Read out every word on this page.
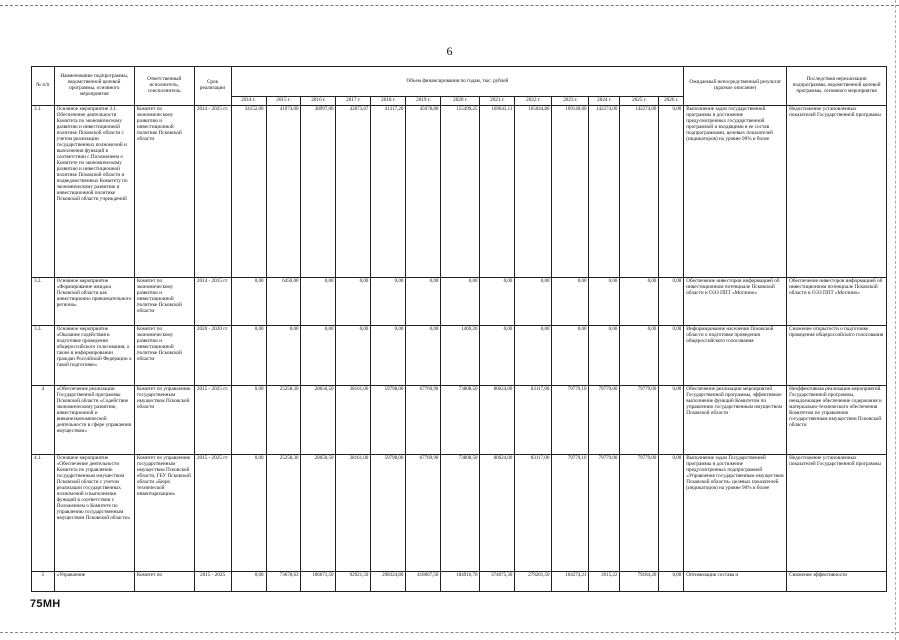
6
№ п/п	Наименование подпрограммы, ведомственной целевой программы, основного мероприятия	Ответственный исполнитель, соисполнитель	Срок реализации	Объем финансирования по годам, тыс. рублей													Ожидаемый непосредственный результат (краткое описание)	Последствия нереализации подпрограммы, ведомственной целевой программы, основного мероприятия
				2014 г.	2015 г.	2016 г.	2017 г.	2018 г.	2019 г.	2020 г.	2021 г.	2022 г.	2023 г.	2024 г.	2025 г.	2026 г.		
3.1.	Основное мероприятие 3.1. Обеспечение деятельности Комитета по экономическому развитию и инвестиционной политике Псковской области с учетом реализации государственных полномочий и выполнения функций в соответствии с Положением о Комитете по экономическому развитию и инвестиционной политике Псковской области и подведомственных Комитету по экономическому развитию и инвестиционной политике Псковской области учреждений	Комитет по экономическому развитию и инвестиционной политике Псковской области	2014 - 2025 гг.	34152,00	41074,00	38997,00	42873,67	41317,20	45078,80	155499,25	169643,11	165044,80	169140,00	142274,00	142274,00	0,00	Выполнение задач государственной программы и достижение предусмотренных государственной программой и входящими в ее состав подпрограммами, целевых показателей (индикаторов) на уровне 90% и более	Недостижение установленных показателей Государственной программы
3.2.	Основное мероприятие «Формирование имиджа Псковской области как инвестиционно привлекательного региона»	Комитет по экономическому развитию и инвестиционной политике Псковской области	2014 - 2015 гг.	0,00	6450,00	0,00	0,00	0,00	0,00	0,00	0,00	0,00	0,00	0,00	0,00	0,00	Обеспечение инвесторов информацией об инвестиционном потенциале Псковской области и ОЭЗ ППТ «Моглино»	Обеспечение инвесторов информацией об инвестиционном потенциале Псковской области и ОЭЗ ППТ «Моглино»
3.3.	Основное мероприятие «Оказание содействия в подготовке проведения общероссийского голосования, а также в информировании граждан Российской Федерации о такой подготовке»	Комитет по экономическому развитию и инвестиционной политике Псковской области	2020 - 2020 гг.	0,00	0,00	0,00	0,00	0,00	0,00	1469,20	0,00	0,00	0,00	0,00	0,00	0,00	Информирование населения Псковской области о подготовке проведения общероссийского голосования	Снижение открытости о подготовке проведения общероссийского голосования
4	«Обеспечение реализации Государственной программы Псковской области «Содействие экономическому развитию, инвестиционной и внешнеэкономической деятельности в сфере управления имуществом»	Комитет по управлению государственным имуществом Псковской области	2015 - 2025 гг.	0,00	25258,30	28650,50	38161,00	59798,00	67769,90	73808,50	80624,00	83117,00	79779,10	79779,00	79779,00	0,00	Обеспечение реализации мероприятий Государственной программы, эффективное выполнение функций Комитетом по управлению государственным имуществом Псковской области	Неэффективная реализация мероприятий Государственной программы, ненадлежащее обеспечение содержания и материально-технического обеспечения Комитетом по управлению государственным имуществом Псковской области
4.1.	Основное мероприятие «Обеспечение деятельности Комитета по управлению государственным имуществом Псковской области с учетом реализации государственных полномочий и выполнения функций в соответствии с Положением о Комитете по управлению государственным имуществом Псковской области»	Комитет по управлению государственным имуществом Псковской области, ГБУ Псковской области «Бюро технической инвентаризации»	2015 - 2025 гг.	0,00	25258,30	28650,50	38161,00	59798,00	67769,90	73808,50	80624,00	83117,00	79779,10	79779,00	79779,00	0,00	Выполнение задач Государственной программы и достижение предусмотренных подпрограммой «Управление государственным имуществом Псковской области» целевых показателей (индикаторов) на уровне 90% и более	Недостижение установленных показателей Государственной программы
5	«Управление	Комитет по	2015 - 2025	0,00	73678,63	106671,50	92921,50	298324,80	418067,50	184916,70	374075,30	279201,50	164274,21	3915,22	79184,20	0,00	Оптимизация состава и	Снижение эффективности
75МН
